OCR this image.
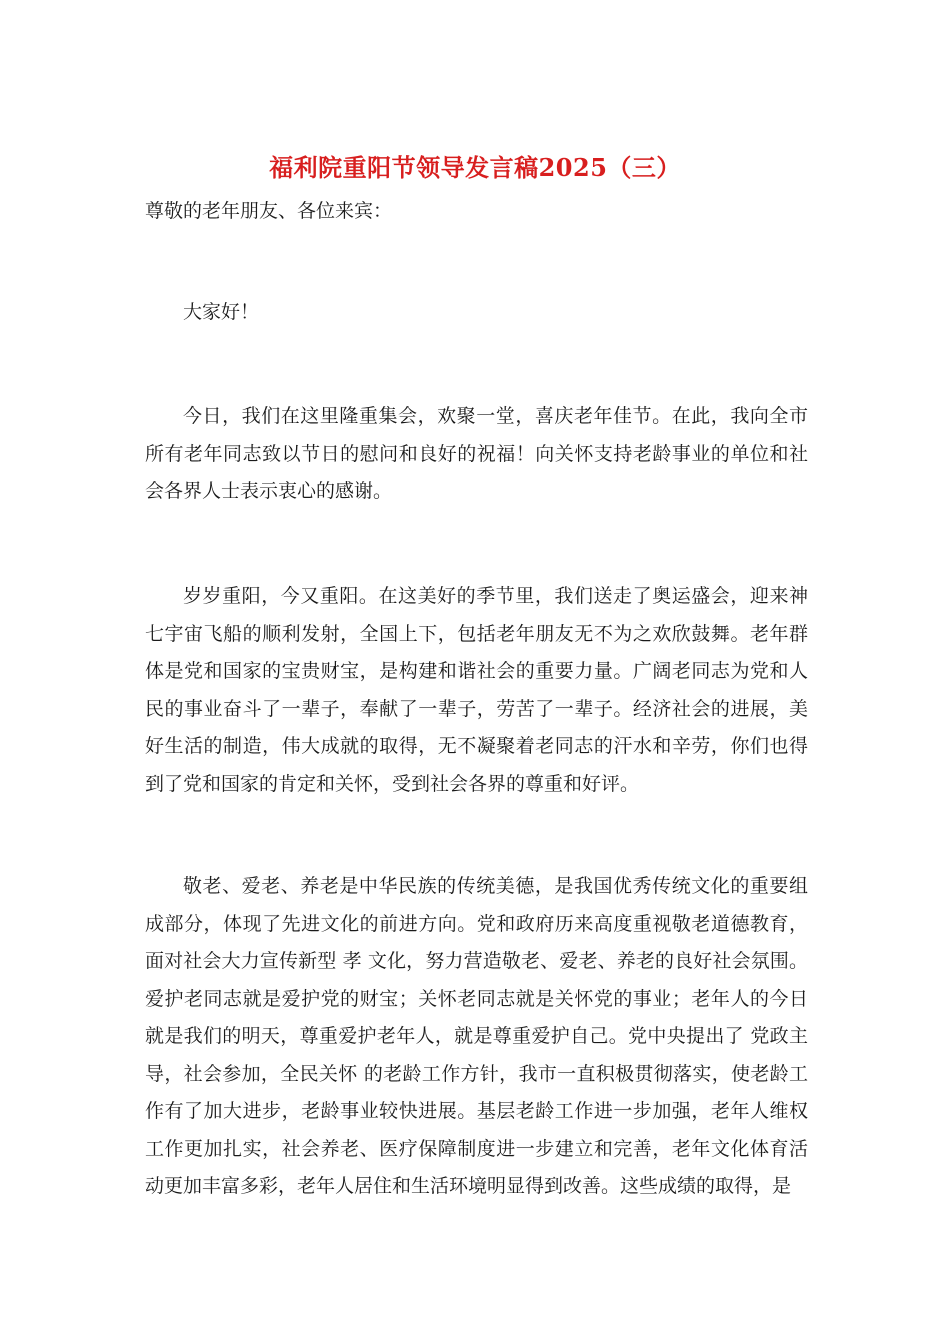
福利院重阳节领导发言稿2025（三）

尊敬的老年朋友、各位来宾：

大家好！

今日，我们在这里隆重集会，欢聚一堂，喜庆老年佳节。在此，我向全市所有老年同志致以节日的慰问和良好的祝福！向关怀支持老龄事业的单位和社会各界人士表示衷心的感谢。

岁岁重阳，今又重阳。在这美好的季节里，我们送走了奥运盛会，迎来神七宇宙飞船的顺利发射，全国上下，包括老年朋友无不为之欢欣鼓舞。老年群体是党和国家的宝贵财宝，是构建和谐社会的重要力量。广阔老同志为党和人民的事业奋斗了一辈子，奉献了一辈子，劳苦了一辈子。经济社会的进展，美好生活的制造，伟大成就的取得，无不凝聚着老同志的汗水和辛劳，你们也得到了党和国家的肯定和关怀，受到社会各界的尊重和好评。

敬老、爱老、养老是中华民族的传统美德，是我国优秀传统文化的重要组成部分，体现了先进文化的前进方向。党和政府历来高度重视敬老道德教育，面对社会大力宣传新型 孝 文化，努力营造敬老、爱老、养老的良好社会氛围。爱护老同志就是爱护党的财宝；关怀老同志就是关怀党的事业；老年人的今日就是我们的明天，尊重爱护老年人，就是尊重爱护自己。党中央提出了 党政主导，社会参加，全民关怀 的老龄工作方针，我市一直积极贯彻落实，使老龄工作有了加大进步，老龄事业较快进展。基层老龄工作进一步加强，老年人维权工作更加扎实，社会养老、医疗保障制度进一步建立和完善，老年文化体育活动更加丰富多彩，老年人居住和生活环境明显得到改善。这些成绩的取得，是
